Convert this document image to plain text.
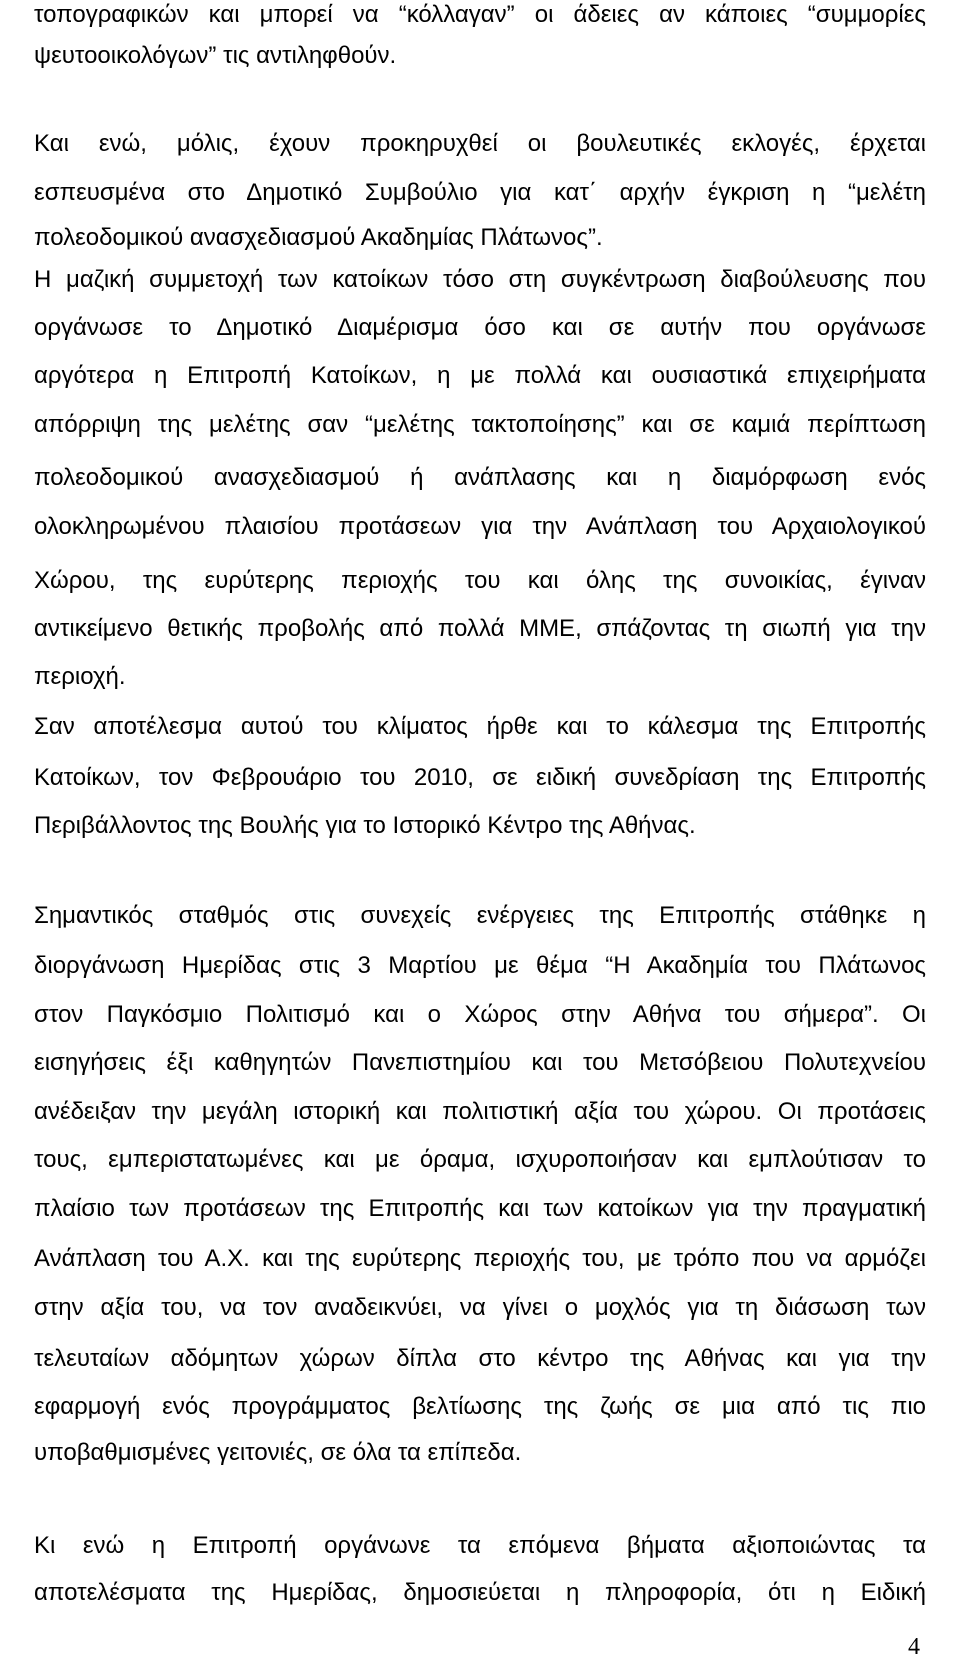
τοπογραφικών και μπορεί να “κόλλαγαν” οι άδειες αν κάποιες “συμμορίες

ψευτοοικολόγων” τις αντιληφθούν.

Και ενώ, μόλις, έχουν προκηρυχθεί οι βουλευτικές εκλογές, έρχεται

εσπευσμένα στο Δημοτικό Συμβούλιο για κατ΄ αρχήν έγκριση η “μελέτη

πολεοδομικού ανασχεδιασμού Ακαδημίας Πλάτωνος”.

Η μαζική συμμετοχή των κατοίκων τόσο στη συγκέντρωση διαβούλευσης που

οργάνωσε το Δημοτικό Διαμέρισμα όσο και σε αυτήν που οργάνωσε

αργότερα η Επιτροπή Κατοίκων, η με πολλά και ουσιαστικά επιχειρήματα

απόρριψη της μελέτης σαν “μελέτης τακτοποίησης” και σε καμιά περίπτωση

πολεοδομικού ανασχεδιασμού ή ανάπλασης και η διαμόρφωση ενός

ολοκληρωμένου πλαισίου προτάσεων για την Ανάπλαση του Αρχαιολογικού

Χώρου, της ευρύτερης περιοχής του και όλης της συνοικίας, έγιναν

αντικείμενο θετικής προβολής από πολλά ΜΜΕ, σπάζοντας τη σιωπή για την

περιοχή.

Σαν αποτέλεσμα αυτού του κλίματος ήρθε και το κάλεσμα της Επιτροπής

Κατοίκων, τον Φεβρουάριο του 2010, σε ειδική συνεδρίαση της Επιτροπής

Περιβάλλοντος της Βουλής για το Ιστορικό Κέντρο της Αθήνας.

Σημαντικός σταθμός στις συνεχείς ενέργειες της Επιτροπής στάθηκε η

διοργάνωση Ημερίδας στις 3 Μαρτίου με θέμα “Η Ακαδημία του Πλάτωνος

στον Παγκόσμιο Πολιτισμό και ο Χώρος στην Αθήνα του σήμερα”. Οι

εισηγήσεις έξι καθηγητών Πανεπιστημίου και του Μετσόβειου Πολυτεχνείου

ανέδειξαν την μεγάλη ιστορική και πολιτιστική αξία του χώρου. Οι προτάσεις

τους, εμπεριστατωμένες και με όραμα, ισχυροποιήσαν και εμπλούτισαν το

πλαίσιο των προτάσεων της Επιτροπής και των κατοίκων για την πραγματική

Ανάπλαση του Α.Χ. και της ευρύτερης περιοχής του, με τρόπο που να αρμόζει

στην αξία του, να τον αναδεικνύει, να γίνει ο μοχλός για τη διάσωση των

τελευταίων αδόμητων χώρων δίπλα στο κέντρο της Αθήνας και για την

εφαρμογή ενός προγράμματος βελτίωσης της ζωής σε μια από τις πιο

υποβαθμισμένες γειτονιές, σε όλα τα επίπεδα.

Κι ενώ η Επιτροπή οργάνωνε τα επόμενα βήματα αξιοποιώντας τα

αποτελέσματα της Ημερίδας, δημοσιεύεται η πληροφορία, ότι η Ειδική

4
